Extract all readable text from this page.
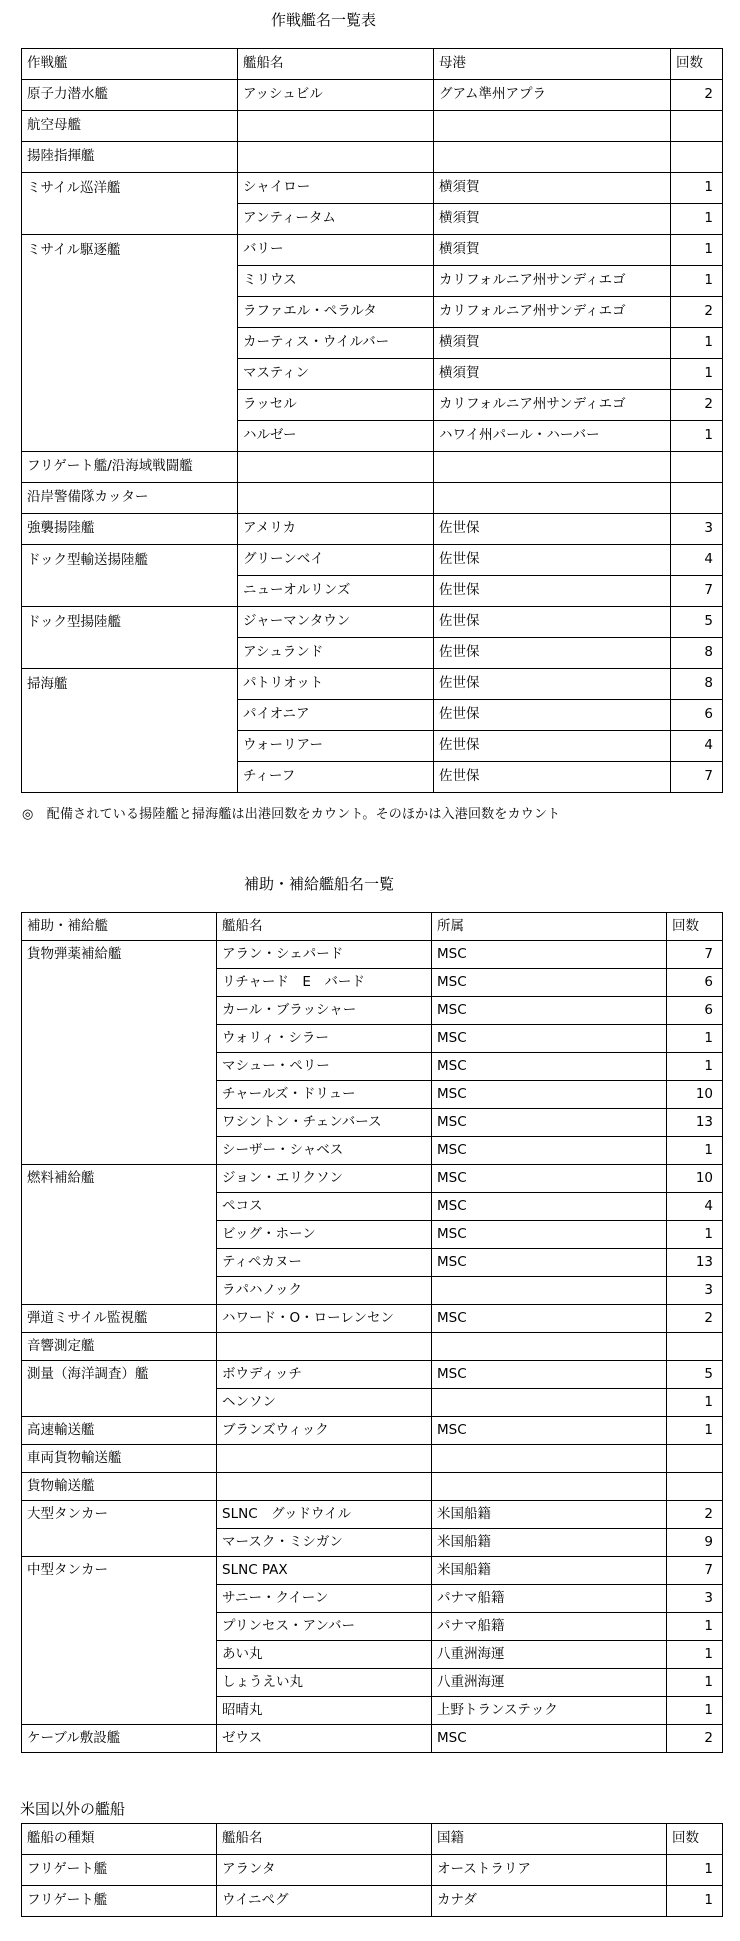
作戦艦名一覧表
作戦艦	艦船名	母港	回数
原子力潜水艦	アッシュビル	グアム準州アプラ	2
航空母艦			
揚陸指揮艦			
ミサイル巡洋艦	シャイロー	横須賀	1
	アンティータム	横須賀	1
ミサイル駆逐艦	バリー	横須賀	1
	ミリウス	カリフォルニア州サンディエゴ	1
	ラファエル・ペラルタ	カリフォルニア州サンディエゴ	2
	カーティス・ウイルバー	横須賀	1
	マスティン	横須賀	1
	ラッセル	カリフォルニア州サンディエゴ	2
	ハルゼー	ハワイ州パール・ハーバー	1
フリゲート艦/沿海域戦闘艦			
沿岸警備隊カッター			
強襲揚陸艦	アメリカ	佐世保	3
ドック型輸送揚陸艦	グリーンベイ	佐世保	4
	ニューオルリンズ	佐世保	7
ドック型揚陸艦	ジャーマンタウン	佐世保	5
	アシュランド	佐世保	8
掃海艦	パトリオット	佐世保	8
	パイオニア	佐世保	6
	ウォーリアー	佐世保	4
	チィーフ	佐世保	7
◎　配備されている揚陸艦と掃海艦は出港回数をカウント。そのほかは入港回数をカウント
補助・補給艦船名一覧
補助・補給艦	艦船名	所属	回数
貨物弾薬補給艦	アラン・シェパード	MSC	7
	リチャード　E　バード	MSC	6
	カール・ブラッシャー	MSC	6
	ウォリィ・シラー	MSC	1
	マシュー・ペリー	MSC	1
	チャールズ・ドリュー	MSC	10
	ワシントン・チェンバース	MSC	13
	シーザー・シャベス	MSC	1
燃料補給艦	ジョン・エリクソン	MSC	10
	ペコス	MSC	4
	ビッグ・ホーン	MSC	1
	ティペカヌー	MSC	13
	ラパハノック		3
弾道ミサイル監視艦	ハワード・O・ローレンセン	MSC	2
音響測定艦			
測量（海洋調査）艦	ボウディッチ	MSC	5
	ヘンソン		1
高速輸送艦	ブランズウィック	MSC	1
車両貨物輸送艦			
貨物輸送艦			
大型タンカー	SLNC　グッドウイル	米国船籍	2
	マースク・ミシガン	米国船籍	9
中型タンカー	SLNC PAX	米国船籍	7
	サニー・クイーン	パナマ船籍	3
	プリンセス・アンバー	パナマ船籍	1
	あい丸	八重洲海運	1
	しょうえい丸	八重洲海運	1
	昭晴丸	上野トランステック	1
ケーブル敷設艦	ゼウス	MSC	2
米国以外の艦船
艦船の種類	艦船名	国籍	回数
フリゲート艦	アランタ	オーストラリア	1
フリゲート艦	ウイニペグ	カナダ	1
